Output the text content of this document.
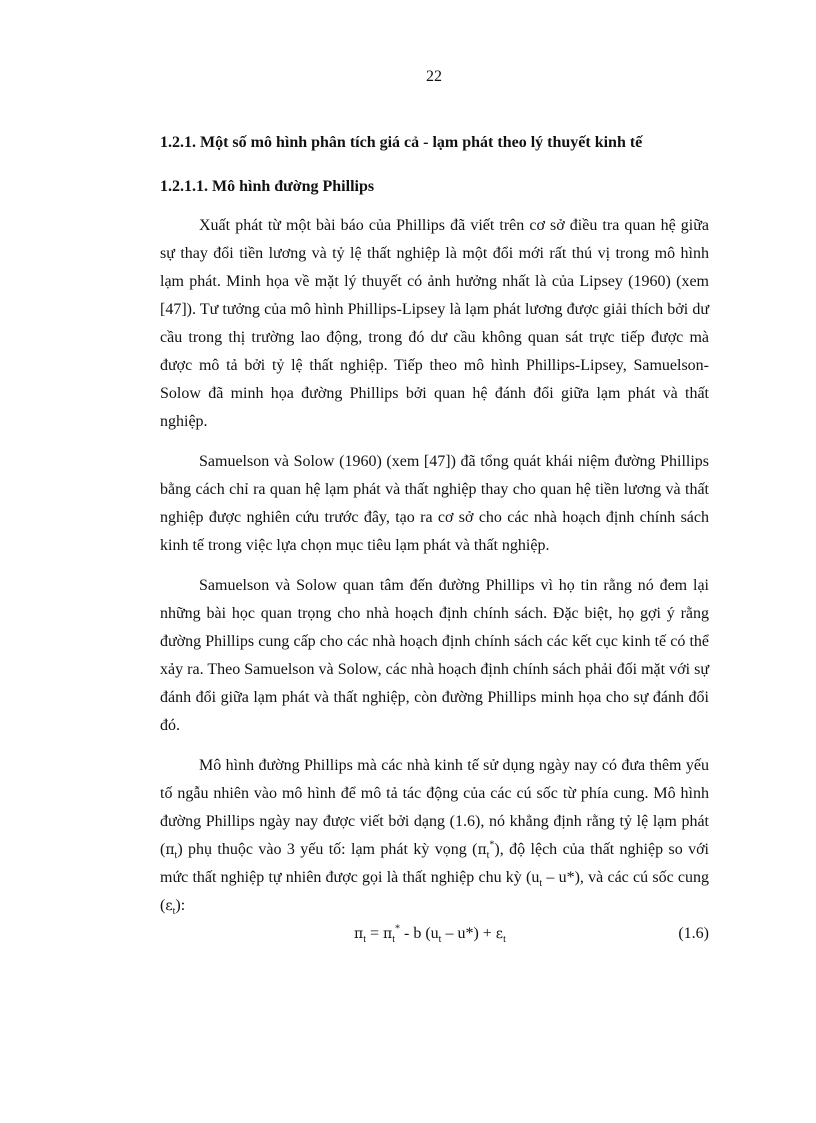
22

1.2.1. Một số mô hình phân tích giá cả - lạm phát theo lý thuyết kinh tế

1.2.1.1. Mô hình đường Phillips

Xuất phát từ một bài báo của Phillips đã viết trên cơ sở điều tra quan hệ giữa sự thay đổi tiền lương và tỷ lệ thất nghiệp là một đổi mới rất thú vị trong mô hình lạm phát. Minh họa về mặt lý thuyết có ảnh hưởng nhất là của Lipsey (1960) (xem [47]). Tư tưởng của mô hình Phillips-Lipsey là lạm phát lương được giải thích bởi dư cầu trong thị trường lao động, trong đó dư cầu không quan sát trực tiếp được mà được mô tả bởi tỷ lệ thất nghiệp. Tiếp theo mô hình Phillips-Lipsey, Samuelson-Solow đã minh họa đường Phillips bởi quan hệ đánh đổi giữa lạm phát và thất nghiệp.

Samuelson và Solow (1960) (xem [47]) đã tổng quát khái niệm đường Phillips bằng cách chỉ ra quan hệ lạm phát và thất nghiệp thay cho quan hệ tiền lương và thất nghiệp được nghiên cứu trước đây, tạo ra cơ sở cho các nhà hoạch định chính sách kinh tế trong việc lựa chọn mục tiêu lạm phát và thất nghiệp.

Samuelson và Solow quan tâm đến đường Phillips vì họ tin rằng nó đem lại những bài học quan trọng cho nhà hoạch định chính sách. Đặc biệt, họ gợi ý rằng đường Phillips cung cấp cho các nhà hoạch định chính sách các kết cục kinh tế có thể xảy ra. Theo Samuelson và Solow, các nhà hoạch định chính sách phải đối mặt với sự đánh đổi giữa lạm phát và thất nghiệp, còn đường Phillips minh họa cho sự đánh đổi đó.

Mô hình đường Phillips mà các nhà kinh tế sử dụng ngày nay có đưa thêm yếu tố ngẫu nhiên vào mô hình để mô tả tác động của các cú sốc từ phía cung. Mô hình đường Phillips ngày nay được viết bởi dạng (1.6), nó khẳng định rằng tỷ lệ lạm phát $(\pi_t)$ phụ thuộc vào 3 yếu tố: lạm phát kỳ vọng $(\pi_t^*)$, độ lệch của thất nghiệp so với mức thất nghiệp tự nhiên được gọi là thất nghiệp chu kỳ $(u_t - u*)$, và các cú sốc cung $(\varepsilon_t)$:

$\pi_t = \pi_t^* - b$ $(u_t - u*) + \varepsilon_t$	(1.6)
